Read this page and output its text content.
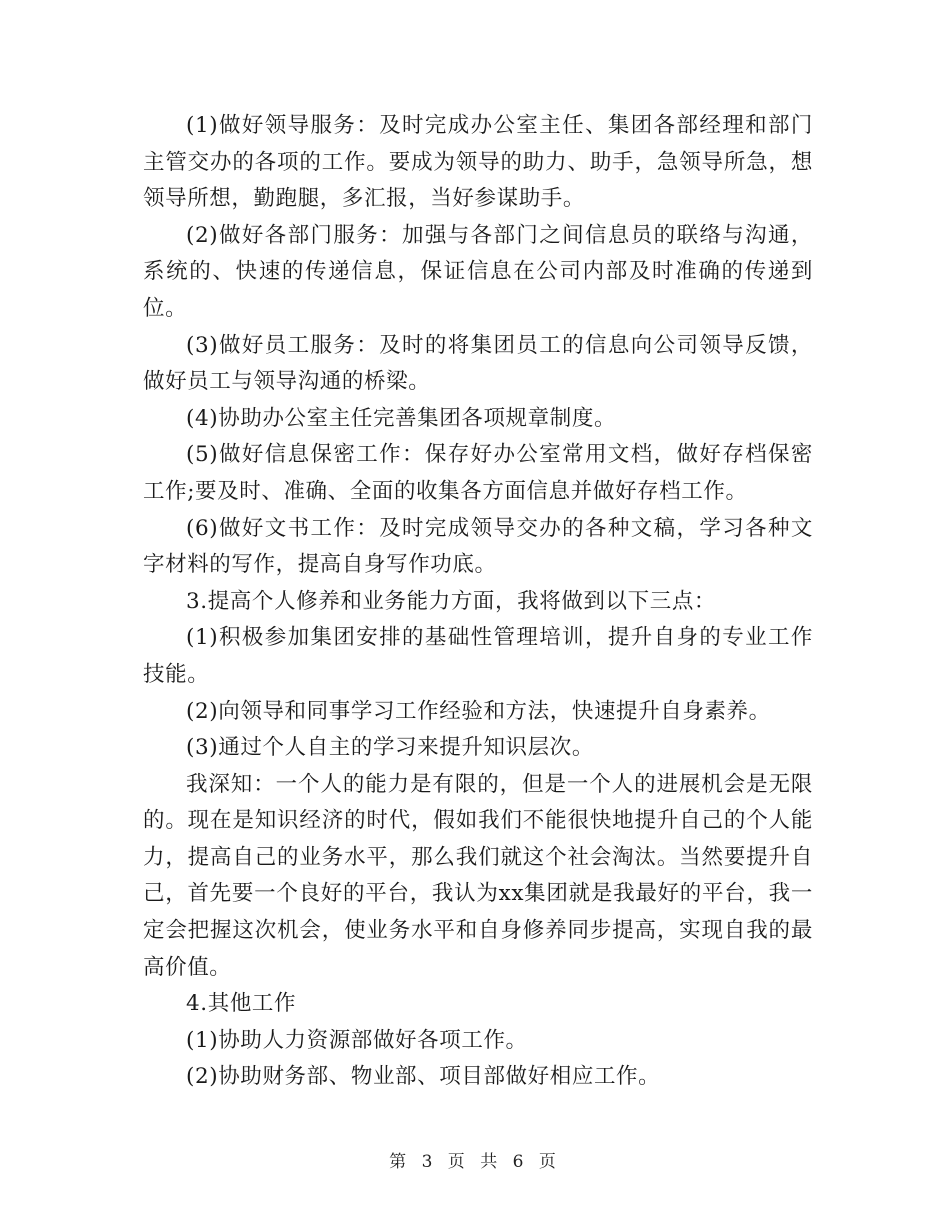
(1)做好领导服务：及时完成办公室主任、集团各部经理和部门主管交办的各项的工作。要成为领导的助力、助手，急领导所急，想领导所想，勤跑腿，多汇报，当好参谋助手。

(2)做好各部门服务：加强与各部门之间信息员的联络与沟通，系统的、快速的传递信息，保证信息在公司内部及时准确的传递到位。

(3)做好员工服务：及时的将集团员工的信息向公司领导反馈，做好员工与领导沟通的桥梁。

(4)协助办公室主任完善集团各项规章制度。

(5)做好信息保密工作：保存好办公室常用文档，做好存档保密工作;要及时、准确、全面的收集各方面信息并做好存档工作。

(6)做好文书工作：及时完成领导交办的各种文稿，学习各种文字材料的写作，提高自身写作功底。

3.提高个人修养和业务能力方面，我将做到以下三点：

(1)积极参加集团安排的基础性管理培训，提升自身的专业工作技能。

(2)向领导和同事学习工作经验和方法，快速提升自身素养。

(3)通过个人自主的学习来提升知识层次。

我深知：一个人的能力是有限的，但是一个人的进展机会是无限的。现在是知识经济的时代，假如我们不能很快地提升自己的个人能力，提高自己的业务水平，那么我们就这个社会淘汰。当然要提升自己，首先要一个良好的平台，我认为xx集团就是我最好的平台，我一定会把握这次机会，使业务水平和自身修养同步提高，实现自我的最高价值。

4.其他工作

(1)协助人力资源部做好各项工作。

(2)协助财务部、物业部、项目部做好相应工作。

第 3 页 共 6 页
